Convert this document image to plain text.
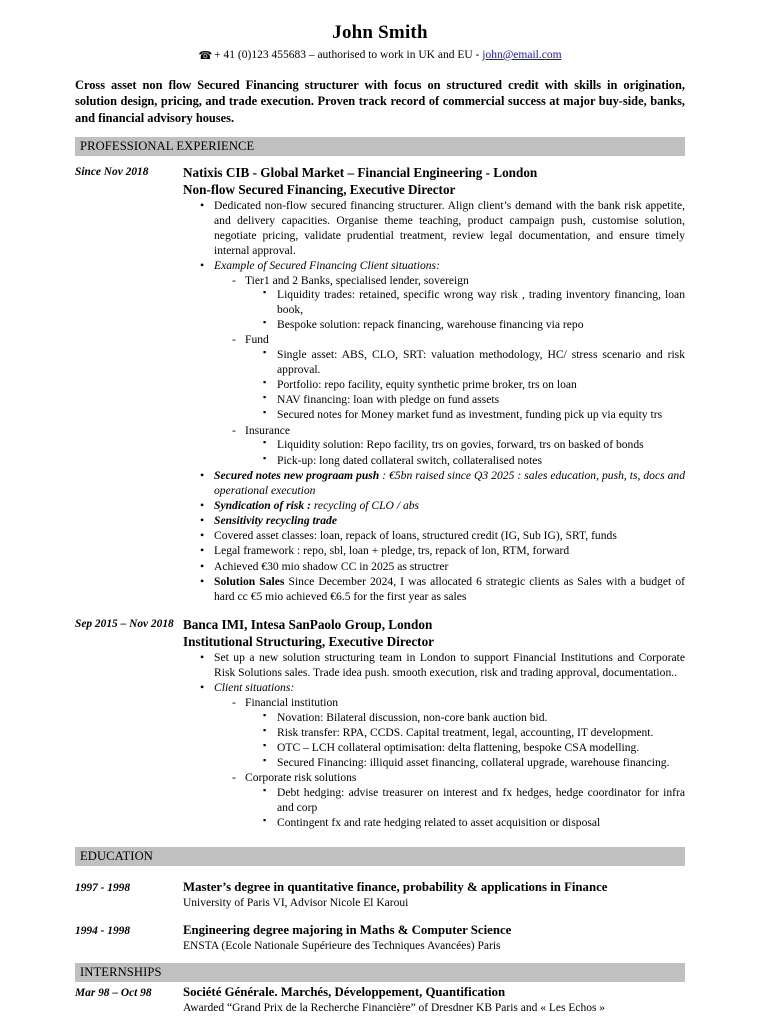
John Smith
☎ + 41 (0)123 455683 – authorised to work in UK and EU - john@email.com
Cross asset non flow Secured Financing structurer with focus on structured credit with skills in origination, solution design, pricing, and trade execution. Proven track record of commercial success at major buy-side, banks, and financial advisory houses.
PROFESSIONAL EXPERIENCE
Since Nov 2018	Natixis CIB - Global Market – Financial Engineering - London
Non-flow Secured Financing, Executive Director
• Dedicated non-flow secured financing structurer. Align client’s demand with the bank risk appetite, and delivery capacities. Organise theme teaching, product campaign push, customise solution, negotiate pricing, validate prudential treatment, review legal documentation, and ensure timely internal approval.
• Example of Secured Financing Client situations:
- Tier1 and 2 Banks, specialised lender, sovereign
▪ Liquidity trades: retained, specific wrong way risk , trading inventory financing, loan book,
▪ Bespoke solution: repack financing, warehouse financing via repo
- Fund
▪ Single asset: ABS, CLO, SRT: valuation methodology, HC/ stress scenario and risk approval.
▪ Portfolio: repo facility, equity synthetic prime broker, trs on loan
▪ NAV financing: loan with pledge on fund assets
▪ Secured notes for Money market fund as investment, funding pick up via equity trs
- Insurance
▪ Liquidity solution: Repo facility, trs on govies, forward, trs on basked of bonds
▪ Pick-up: long dated collateral switch, collateralised notes
• Secured notes new prograam push : €5bn raised since Q3 2025 : sales education, push, ts, docs and operational execution
• Syndication of risk : recycling of CLO / abs
• Sensitivity recycling trade
• Covered asset classes: loan, repack of loans, structured credit (IG, Sub IG), SRT, funds
• Legal framework : repo, sbl, loan + pledge, trs, repack of lon, RTM, forward
• Achieved €30 mio shadow CC in 2025 as structrer
• Solution Sales Since December 2024, I was allocated 6 strategic clients as Sales with a budget of hard cc €5 mio achieved €6.5 for the first year as sales
Sep 2015 – Nov 2018 Banca IMI, Intesa SanPaolo Group, London
Institutional Structuring, Executive Director
• Set up a new solution structuring team in London to support Financial Institutions and Corporate Risk Solutions sales. Trade idea push. smooth execution, risk and trading approval, documentation..
• Client situations:
- Financial institution
▪ Novation: Bilateral discussion, non-core bank auction bid.
▪ Risk transfer: RPA, CCDS. Capital treatment, legal, accounting, IT development.
▪ OTC – LCH collateral optimisation: delta flattening, bespoke CSA modelling.
▪ Secured Financing: illiquid asset financing, collateral upgrade, warehouse financing.
- Corporate risk solutions
▪ Debt hedging: advise treasurer on interest and fx hedges, hedge coordinator for infra and corp
▪ Contingent fx and rate hedging related to asset acquisition or disposal
EDUCATION
1997 - 1998	Master’s degree in quantitative finance, probability & applications in Finance
University of Paris VI, Advisor Nicole El Karoui
1994 - 1998	Engineering degree majoring in Maths & Computer Science
ENSTA (Ecole Nationale Supérieure des Techniques Avancées) Paris
INTERNSHIPS
Mar 98 – Oct 98	Société Générale. Marchés, Développement, Quantification
Awarded “Grand Prix de la Recherche Financière” of Dresdner KB Paris and « Les Echos »
